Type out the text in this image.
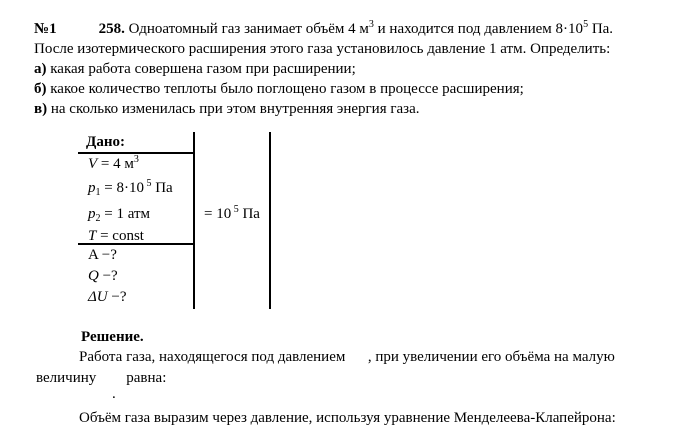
№1	258. Одноатомный газ занимает объём 4 $м^3$ и находится под давлением $8\cdot 10^5$ Па.
После изотермического расширения этого газа установилось давление 1 атм. Определить:
а) какая работа совершена газом при расширении;
б) какое количество теплоты было поглощено газом в процессе расширения;
в) на сколько изменилась при этом внутренняя энергия газа.
Дано:
V = 4 $м^3$
$p_1 = 8\cdot 10$ $^5$ Па
$p_2 = 1$ атм	= 10 $^5$ Па
T = const
A −?
Q −?
ΔU −?
Решение.
Работа газа, находящегося под давлением      , при увеличении его объёма на малую
величину        равна:
.
Объём газа выразим через давление, используя уравнение Менделеева-Клапейрона:
